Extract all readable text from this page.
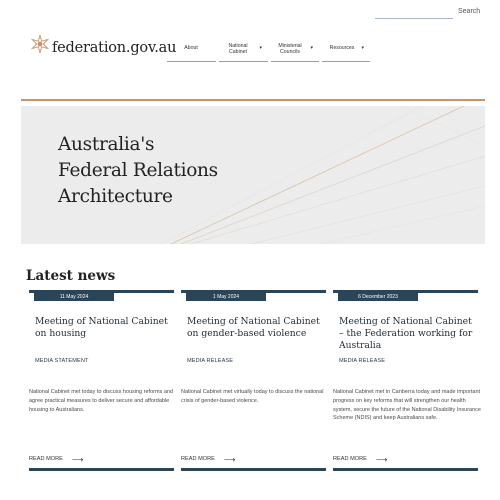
Search
federation.gov.au	About	National
Cabinet
▾	Ministerial
Councils
▾	Resources	▾
Australia's
Federal Relations
Architecture
Latest news
11 May 2024
Meeting of National Cabinet on housing
MEDIA STATEMENT

National Cabinet met today to discuss housing reforms and agree practical measures to deliver secure and affordable housing to Australians.

READ MORE ⟶
1 May 2024
Meeting of National Cabinet on gender-based violence
MEDIA RELEASE

National Cabinet met virtually today to discuss the national crisis of gender-based violence.

READ MORE ⟶
6 December 2023
Meeting of National Cabinet – the Federation working for Australia
MEDIA RELEASE

National Cabinet met in Canberra today and made important progress on key reforms that will strengthen our health system, secure the future of the National Disability Insurance Scheme (NDIS) and keep Australians safe.

READ MORE ⟶
